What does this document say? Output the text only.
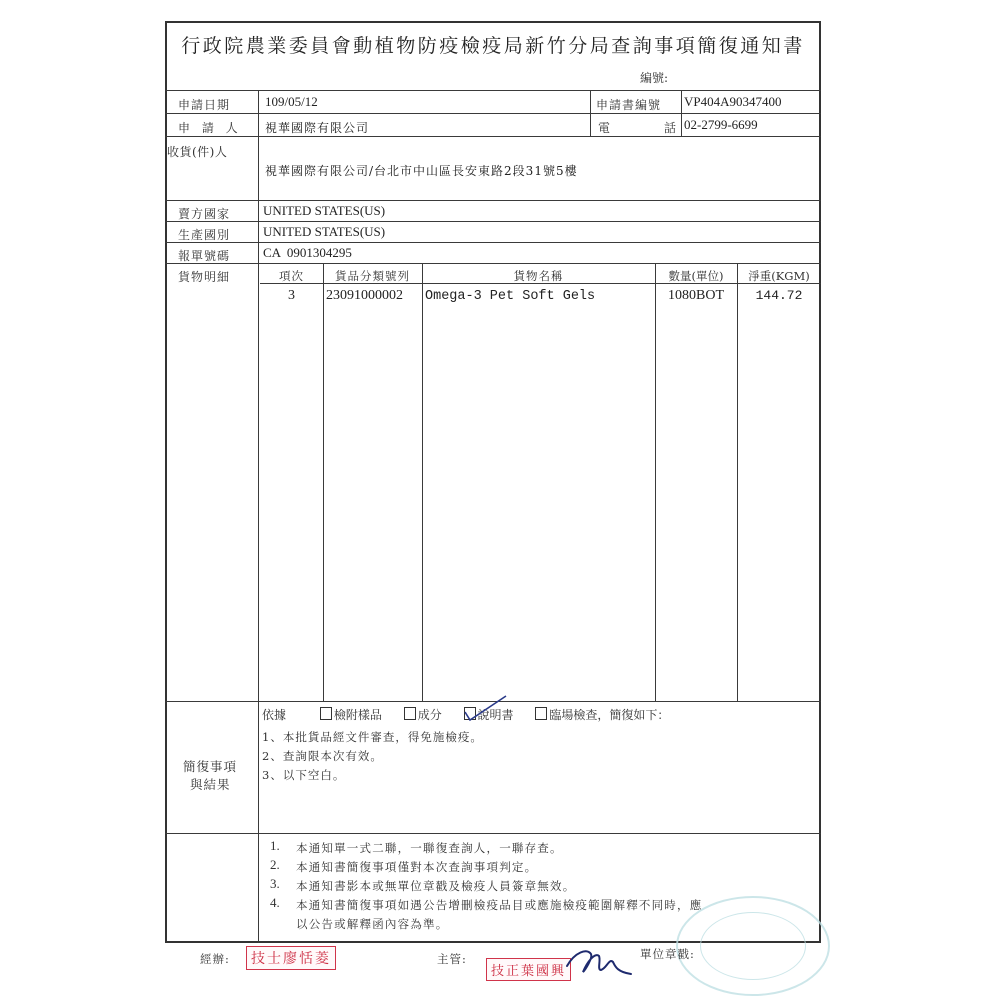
行政院農業委員會動植物防疫檢疫局新竹分局查詢事項簡復通知書
編號:
申請日期	109/05/12	申請書編號 VP404A90347400
申 請 人 視華國際有限公司	電	話 02-2799-6699
收貨(件)人
視華國際有限公司/台北市中山區長安東路2段31號5樓
賣方國家	UNITED STATES(US)
生產國別	UNITED STATES(US)
報單號碼	CA  0901304295
貨物明細	項次	貨品分類號列	貨物名稱	數量(單位)	淨重(KGM)
3	23091000002 Omega-3 Pet Soft Gels	1080BOT	144.72
簡復事項
與結果
依據	檢附樣品	成分	說明書	臨場檢查，簡復如下：
1、本批貨品經文件審查，得免施檢疫。
2、查詢限本次有效。
3、以下空白。
1. 本通知單一式二聯，一聯復查詢人，一聯存查。
2. 本通知書簡復事項僅對本次查詢事項判定。
3. 本通知書影本或無單位章戳及檢疫人員簽章無效。
4. 本通知書簡復事項如遇公告增刪檢疫品目或應施檢疫範圍解釋不同時，應
以公告或解釋函內容為準。
經辦:	技士廖恬菱	主管:
技正葉國興
單位章戳:
